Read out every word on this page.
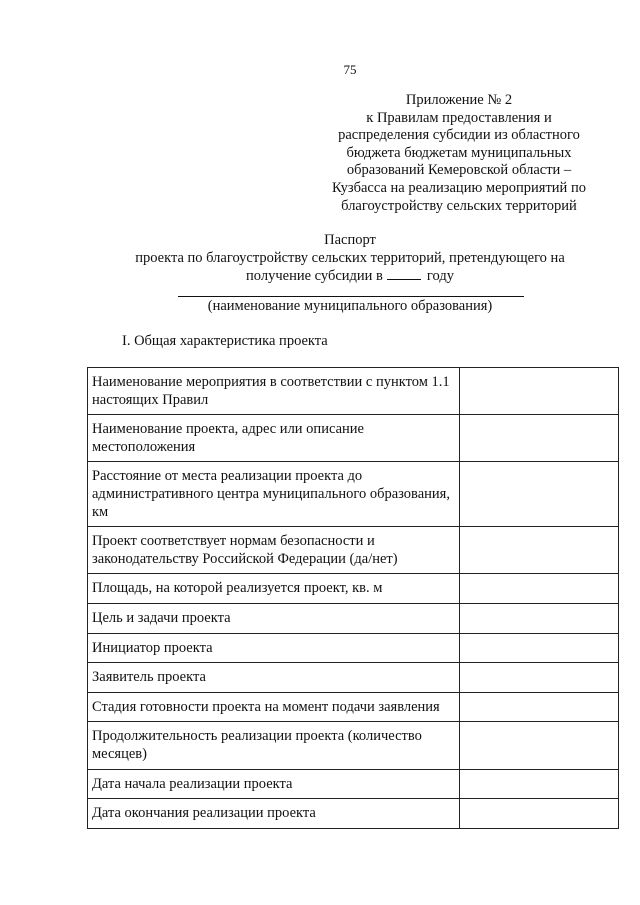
75
Приложение № 2
к Правилам предоставления и
распределения субсидии из областного
бюджета бюджетам муниципальных
образований Кемеровской области –
Кузбасса на реализацию мероприятий по
благоустройству сельских территорий
Паспорт
проекта по благоустройству сельских территорий, претендующего на
получение субсидии в	году
(наименование муниципального образования)
I. Общая характеристика проекта
Наименование мероприятия в соответствии с пунктом 1.1 настоящих Правил	
Наименование проекта, адрес или описание местоположения	
Расстояние от места реализации проекта до административного центра муниципального образования, км	
Проект соответствует нормам безопасности и законодательству Российской Федерации (да/нет)	
Площадь, на которой реализуется проект, кв. м	
Цель и задачи проекта	
Инициатор проекта	
Заявитель проекта	
Стадия готовности проекта на момент подачи заявления	
Продолжительность реализации проекта (количество месяцев)	
Дата начала реализации проекта	
Дата окончания реализации проекта	
